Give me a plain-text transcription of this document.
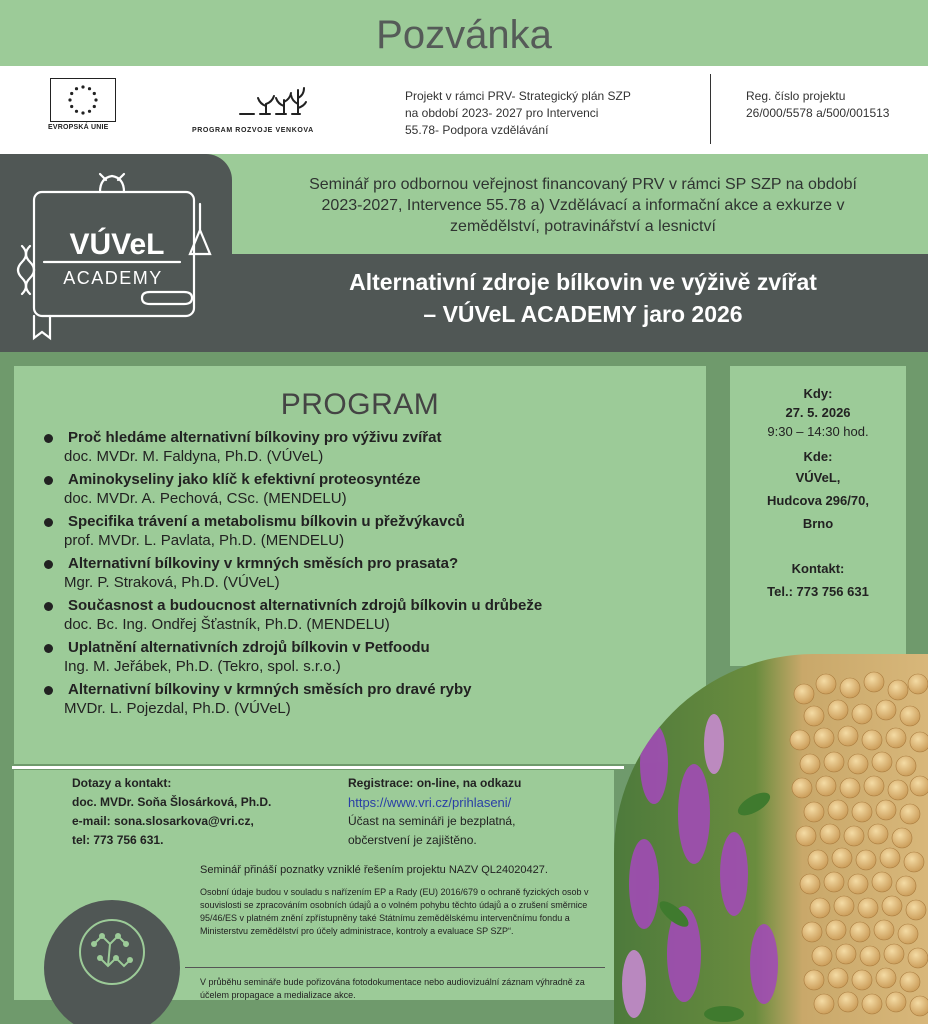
Pozvánka
EVROPSKÁ UNIE	PROGRAM ROZVOJE VENKOVA
Projekt v rámci PRV- Strategický plán SZP
na období 2023- 2027 pro Intervenci
55.78- Podpora vzdělávání
Reg. číslo projektu
26/000/5578 a/500/001513
Seminář pro odbornou veřejnost financovaný PRV v rámci SP SZP na období
2023-2027, Intervence 55.78 a) Vzdělávací a informační akce a exkurze v
zemědělství, potravinářství a lesnictví
Alternativní zdroje bílkovin ve výživě zvířat
– VÚVeL ACADEMY jaro 2026
VÚVeL
ACADEMY
PROGRAM
Proč hledáme alternativní bílkoviny pro výživu zvířat
doc. MVDr. M. Faldyna, Ph.D. (VÚVeL)
Aminokyseliny jako klíč k efektivní proteosyntéze
doc. MVDr. A. Pechová, CSc. (MENDELU)
Specifika trávení a metabolismu bílkovin u přežvýkavců
prof. MVDr. L. Pavlata, Ph.D. (MENDELU)
Alternativní bílkoviny v krmných směsích pro prasata?
Mgr. P. Straková, Ph.D. (VÚVeL)
Současnost a budoucnost alternativních zdrojů bílkovin u drůbeže
doc. Bc. Ing. Ondřej Šťastník, Ph.D. (MENDELU)
Uplatnění alternativních zdrojů bílkovin v Petfoodu
Ing. M. Jeřábek, Ph.D. (Tekro, spol. s.r.o.)
Alternativní bílkoviny v krmných směsích pro dravé ryby
MVDr. L. Pojezdal, Ph.D. (VÚVeL)
Kdy:
27. 5. 2026
9:30 – 14:30 hod.
Kde:
VÚVeL,
Hudcova 296/70,
Brno
Kontakt:
Tel.: 773 756 631
Dotazy a kontakt:
doc. MVDr. Soňa Šlosárková, Ph.D.
e-mail: sona.slosarkova@vri.cz,
tel: 773 756 631.
Registrace: on-line, na odkazu
https://www.vri.cz/prihlaseni/
Účast na semináři je bezplatná,
občerstvení je zajištěno.
Seminář přináší poznatky vzniklé řešením projektu NAZV QL24020427.
Osobní údaje budou v souladu s nařízením EP a Rady (EU) 2016/679 o ochraně fyzických osob v souvislosti se zpracováním osobních údajů a o volném pohybu těchto údajů a o zrušení směrnice 95/46/ES v platném znění zpřístupněny také Státnímu zemědělskému intervenčnímu fondu a Ministerstvu zemědělství pro účely administrace, kontroly a evaluace SP SZP“.
V průběhu semináře bude pořizována fotodokumentace nebo audiovizuální záznam výhradně za účelem propagace a medializace akce.
